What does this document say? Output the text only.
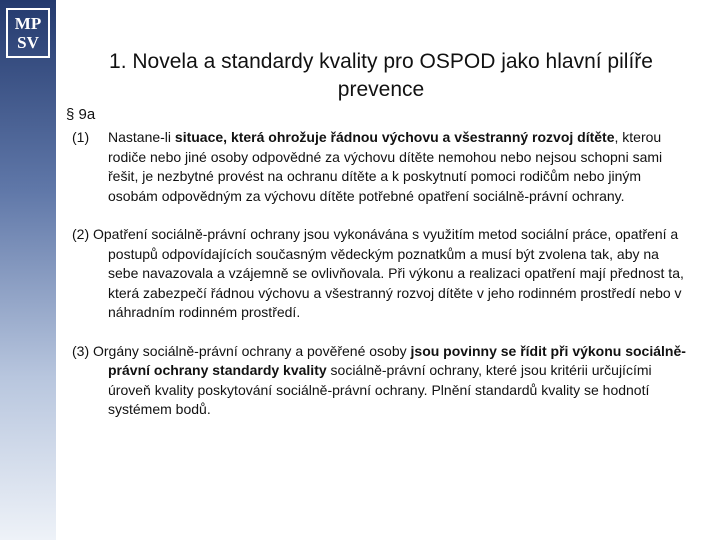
MP
SV
1. Novela a standardy kvality pro OSPOD jako hlavní pilíře prevence
§ 9a

(1) Nastane-li situace, která ohrožuje řádnou výchovu a všestranný rozvoj dítěte, kterou rodiče nebo jiné osoby odpovědné za výchovu dítěte nemohou nebo nejsou schopni sami řešit, je nezbytné provést na ochranu dítěte a k poskytnutí pomoci rodičům nebo jiným osobám odpovědným za výchovu dítěte potřebné opatření sociálně-právní ochrany.

(2) Opatření sociálně-právní ochrany jsou vykonávána s využitím metod sociální práce, opatření a postupů odpovídajících současným vědeckým poznatkům a musí být zvolena tak, aby na sebe navazovala a vzájemně se ovlivňovala. Při výkonu a realizaci opatření mají přednost ta, která zabezpečí řádnou výchovu a všestranný rozvoj dítěte v jeho rodinném prostředí nebo v náhradním rodinném prostředí.

(3) Orgány sociálně-právní ochrany a pověřené osoby jsou povinny se řídit při výkonu sociálně-právní ochrany standardy kvality sociálně-právní ochrany, které jsou kritérii určujícími úroveň kvality poskytování sociálně-právní ochrany. Plnění standardů kvality se hodnotí systémem bodů.
